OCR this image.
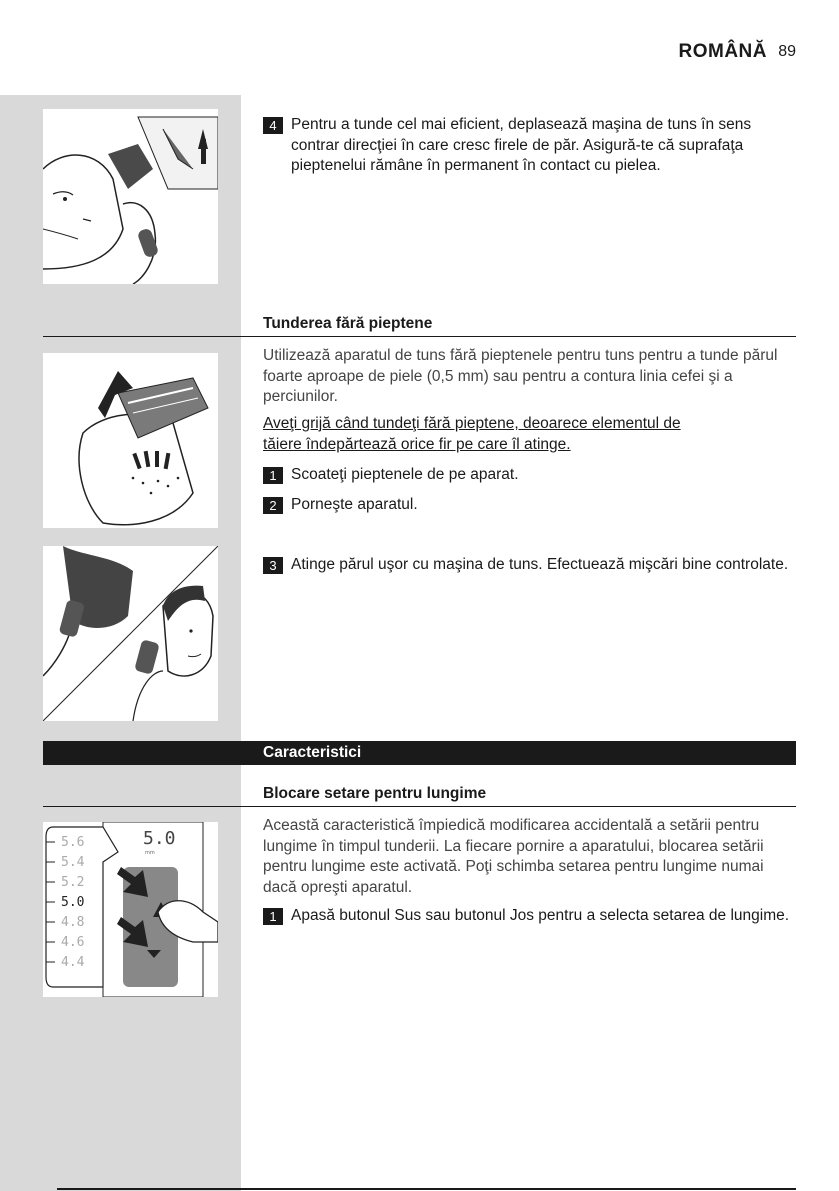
ROMÂNĂ 89
4 Pentru a tunde cel mai eficient, deplasează maşina de tuns în sens contrar direcţiei în care cresc firele de păr. Asigură-te că suprafaţa pieptenelui rămâne în permanent în contact cu pielea.
Tunderea fără pieptene
Utilizează aparatul de tuns fără pieptenele pentru tuns pentru a tunde părul foarte aproape de piele (0,5 mm) sau pentru a contura linia cefei şi a perciunilor.
Aveţi grijă când tundeţi fără pieptene, deoarece elementul de tăiere îndepărtează orice fir pe care îl atinge.
1 Scoateţi pieptenele de pe aparat.
2 Porneşte aparatul.
3 Atinge părul uşor cu maşina de tuns. Efectuează mişcări bine controlate.
Caracteristici
Blocare setare pentru lungime
Această caracteristică împiedică modificarea accidentală a setării pentru lungime în timpul tunderii. La fiecare pornire a aparatului, blocarea setării pentru lungime este activată. Poţi schimba setarea pentru lungime numai dacă opreşti aparatul.
5.6
5.4
5.2
5.0
4.8
4.6
4.4
5.0
mm
1 Apasă butonul Sus sau butonul Jos pentru a selecta setarea de lungime.
